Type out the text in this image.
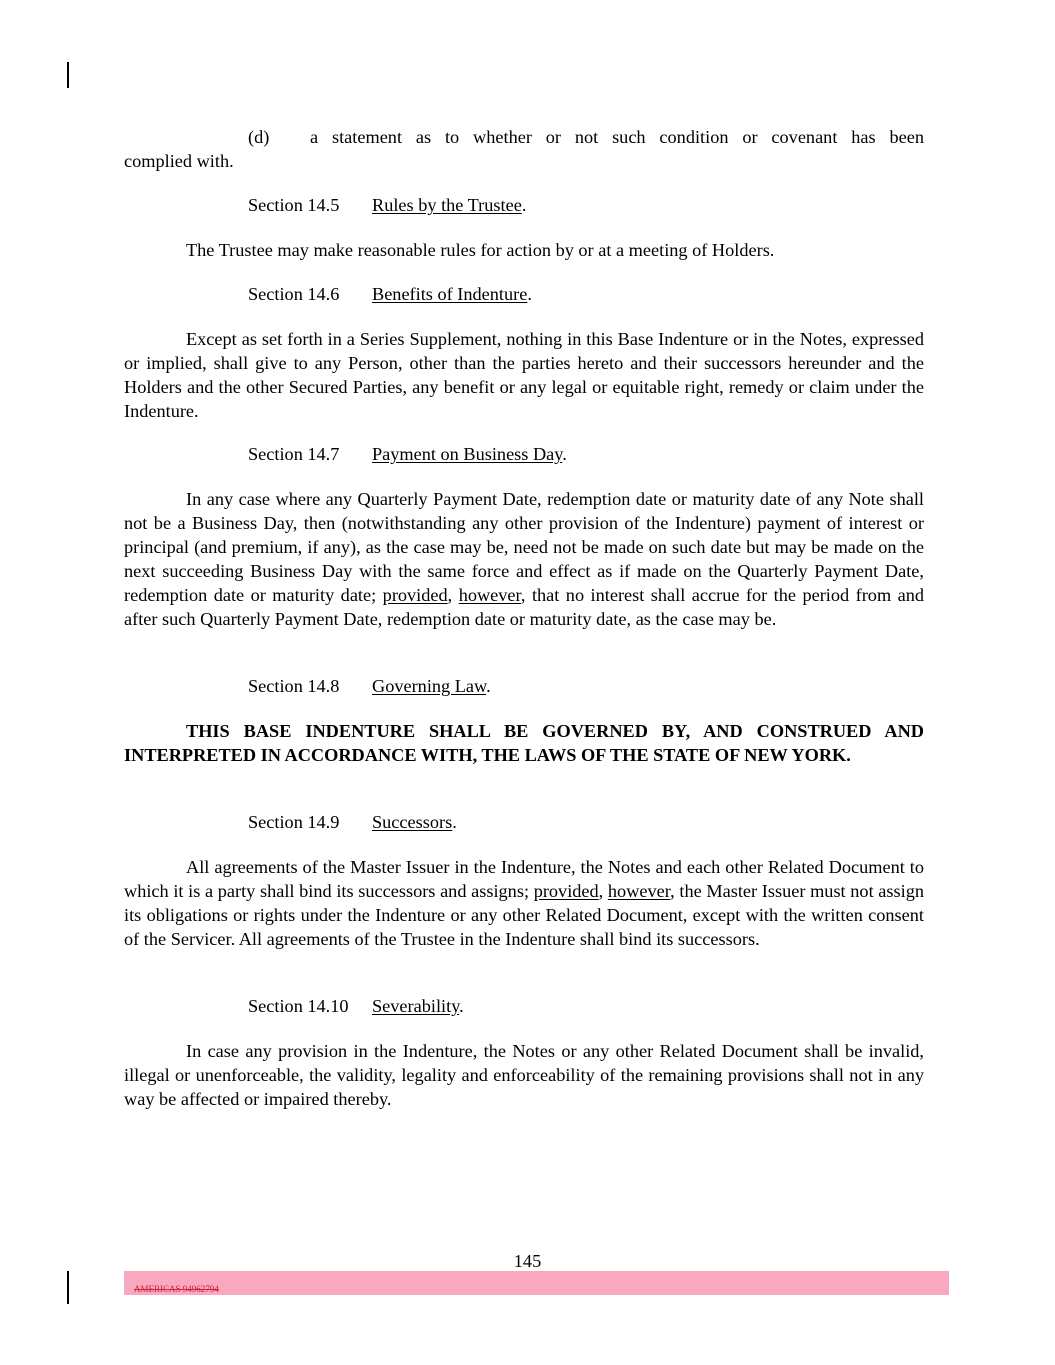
(d)	a statement as to whether or not such condition or covenant has been
complied with.
Section 14.5 Rules by the Trustee.
The Trustee may make reasonable rules for action by or at a meeting of Holders.
Section 14.6 Benefits of Indenture.
Except as set forth in a Series Supplement, nothing in this Base Indenture or in the Notes, expressed or implied, shall give to any Person, other than the parties hereto and their successors hereunder and the Holders and the other Secured Parties, any benefit or any legal or equitable right, remedy or claim under the Indenture.
Section 14.7 Payment on Business Day.
In any case where any Quarterly Payment Date, redemption date or maturity date of any Note shall not be a Business Day, then (notwithstanding any other provision of the Indenture) payment of interest or principal (and premium, if any), as the case may be, need not be made on such date but may be made on the next succeeding Business Day with the same force and effect as if made on the Quarterly Payment Date, redemption date or maturity date; provided, however, that no interest shall accrue for the period from and after such Quarterly Payment Date, redemption date or maturity date, as the case may be.
Section 14.8 Governing Law.
THIS BASE INDENTURE SHALL BE GOVERNED BY, AND CONSTRUED AND INTERPRETED IN ACCORDANCE WITH, THE LAWS OF THE STATE OF NEW YORK.
Section 14.9 Successors.
All agreements of the Master Issuer in the Indenture, the Notes and each other Related Document to which it is a party shall bind its successors and assigns; provided, however, the Master Issuer must not assign its obligations or rights under the Indenture or any other Related Document, except with the written consent of the Servicer. All agreements of the Trustee in the Indenture shall bind its successors.
Section 14.10 Severability.
In case any provision in the Indenture, the Notes or any other Related Document shall be invalid, illegal or unenforceable, the validity, legality and enforceability of the remaining provisions shall not in any way be affected or impaired thereby.
145
AMERICAS 94962794
